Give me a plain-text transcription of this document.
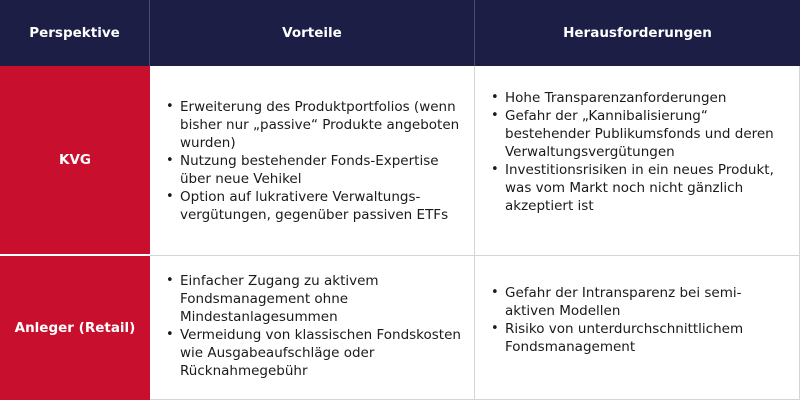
Perspektive	Vorteile	Herausforderungen
KVG
• Erweiterung des Produktportfolios (wenn bisher nur „passive“ Produkte angeboten wurden)
• Nutzung bestehender Fonds-Expertise über neue Vehikel
• Option auf lukrativere Verwaltungs-vergütungen, gegenüber passiven ETFs
• Hohe Transparenzanforderungen
• Gefahr der „Kannibalisierung“ bestehender Publikumsfonds und deren Verwaltungsvergütungen
• Investitionsrisiken in ein neues Produkt, was vom Markt noch nicht gänzlich akzeptiert ist
Anleger (Retail)
• Einfacher Zugang zu aktivem Fondsmanagement ohne Mindestanlagesummen
• Vermeidung von klassischen Fondskosten wie Ausgabeaufschläge oder Rücknahmegebühr
• Gefahr der Intransparenz bei semi-aktiven Modellen
• Risiko von unterdurchschnittlichem Fondsmanagement
